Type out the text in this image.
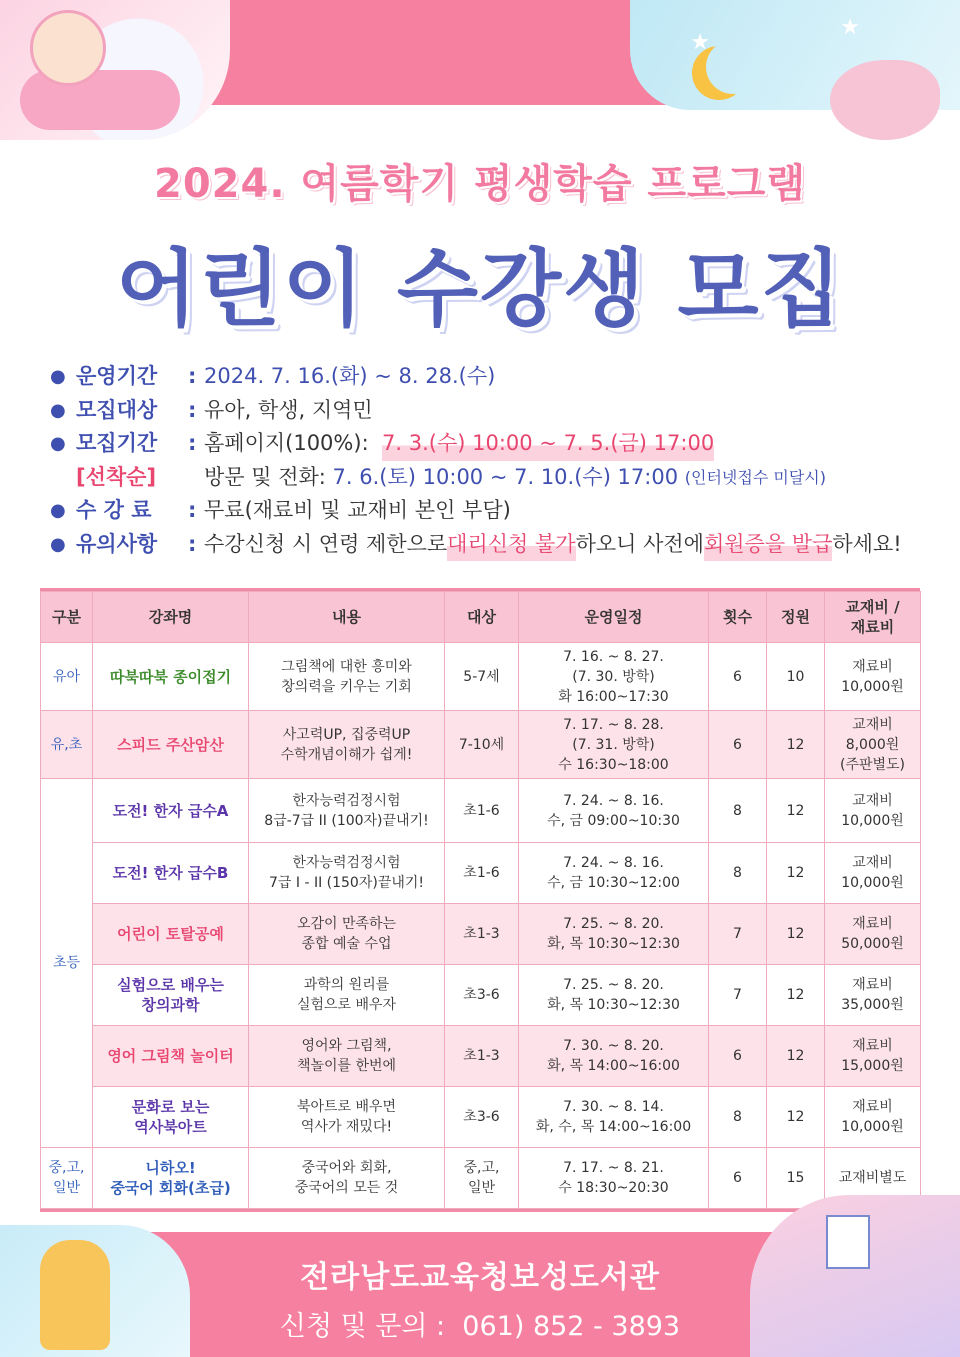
★
★
2024. 여름학기 평생학습 프로그램
어린이 수강생 모집
● 운영기간	: 2024. 7. 16.(화) ~ 8. 28.(수)
● 모집대상	: 유아, 학생, 지역민
● 모집기간	: 홈페이지(100%):
7. 3.(수) 10:00 ~ 7. 5.(금) 17:00
[선착순]	방문 및 전화:
7. 6.(토) 10:00 ~ 7. 10.(수) 17:00
(인터넷접수 미달시)
● 수 강 료	: 무료(재료비 및 교재비 본인 부담)
● 유의사항	: 수강신청 시 연령 제한으로 대리신청 불가 하오니 사전에 회원증을 발급 하세요!
구분	강좌명	내용	대상	운영일정	횟수	정원	교재비 /
재료비
유아	따북따북 종이접기	그림책에 대한 흥미와
창의력을 키우는 기회	5-7세	7. 16. ~ 8. 27.
(7. 30. 방학)
화 16:00~17:30	6	10	재료비
10,000원
유,초	스피드 주산암산	사고력UP, 집중력UP
수학개념이해가 쉽게!	7-10세	7. 17. ~ 8. 28.
(7. 31. 방학)
수 16:30~18:00	6	12	교재비
8,000원
(주판별도)
초등	도전! 한자 급수A	한자능력검정시험
8급-7급 II (100자)끝내기!	초1-6	7. 24. ~ 8. 16.
수, 금 09:00~10:30	8	12	교재비
10,000원
	도전! 한자 급수B	한자능력검정시험
7급 I - II (150자)끝내기!	초1-6	7. 24. ~ 8. 16.
수, 금 10:30~12:00	8	12	교재비
10,000원
	어린이 토탈공예	오감이 만족하는
종합 예술 수업	초1-3	7. 25. ~ 8. 20.
화, 목 10:30~12:30	7	12	재료비
50,000원
	실험으로 배우는
창의과학	과학의 원리를
실험으로 배우자	초3-6	7. 25. ~ 8. 20.
화, 목 10:30~12:30	7	12	재료비
35,000원
	영어 그림책 놀이터	영어와 그림책,
책놀이를 한번에	초1-3	7. 30. ~ 8. 20.
화, 목 14:00~16:00	6	12	재료비
15,000원
	문화로 보는
역사북아트	북아트로 배우면
역사가 재밌다!	초3-6	7. 30. ~ 8. 14.
화, 수, 목 14:00~16:00	8	12	재료비
10,000원
중,고,
일반	니하오!
중국어 회화(초급)	중국어와 회화,
중국어의 모든 것	중,고,
일반	7. 17. ~ 8. 21.
수 18:30~20:30	6	15	교재비별도
전라남도교육청보성도서관
신청 및 문의 :  061) 852 - 3893
